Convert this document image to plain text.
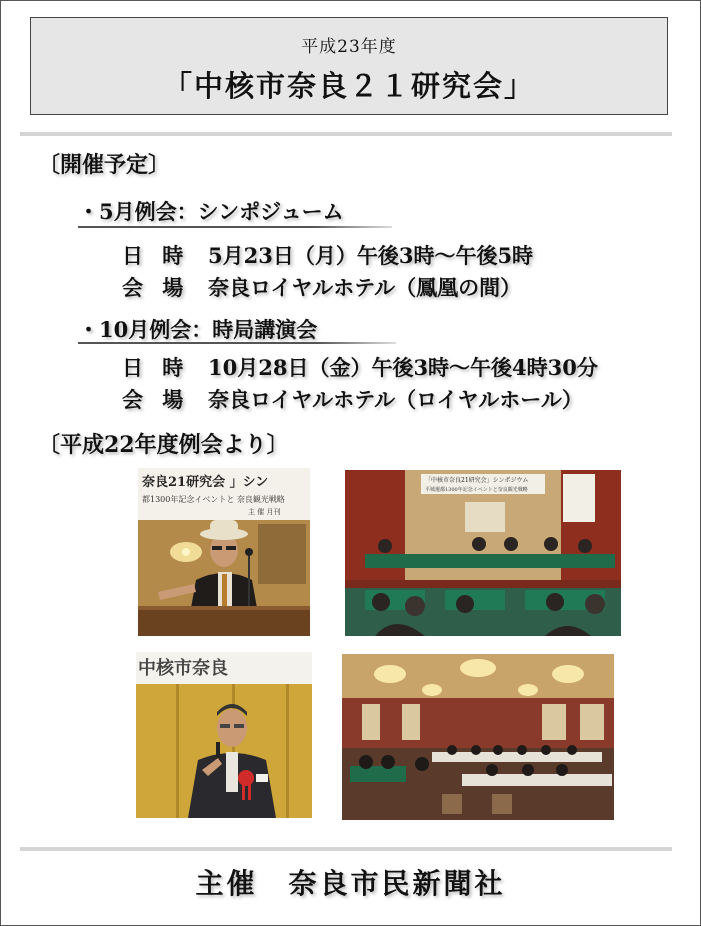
平成23年度
「中核市奈良２１研究会」
〔開催予定〕
・5月例会：シンポジューム
日 時 5月23日（月）午後3時～午後5時
会 場 奈良ロイヤルホテル（鳳凰の間）
・10月例会：時局講演会
日 時 10月28日（金）午後3時～午後4時30分
会 場 奈良ロイヤルホテル（ロイヤルホール）
〔平成22年度例会より〕
奈良21研究会 」シン
都1300年記念イベントと 奈良観光戦略
主 催 月刊
「中核市奈良21研究会」シンポジウム
平城遷都1300年記念イベントと奈良観光戦略
中核市奈良
主催　奈良市民新聞社
